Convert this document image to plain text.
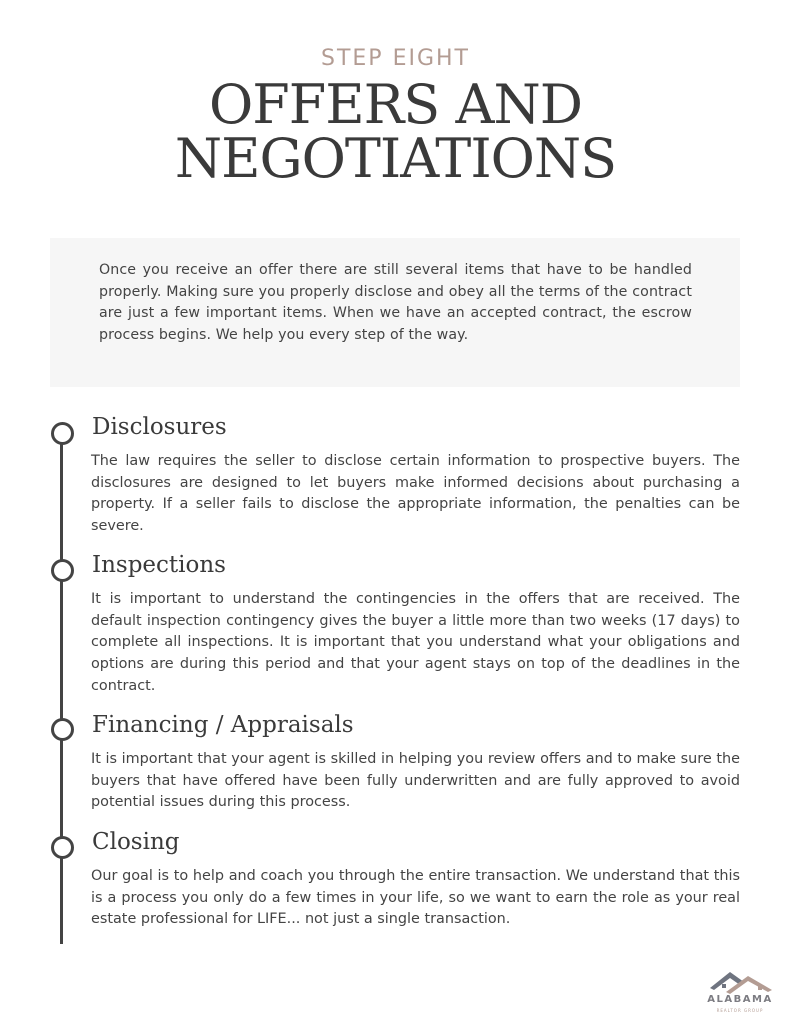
STEP EIGHT
OFFERS AND
NEGOTIATIONS

Once you receive an offer there are still several items that have to be handled properly. Making sure you properly disclose and obey all the terms of the contract are just a few important items. When we have an accepted contract, the escrow process begins. We help you every step of the way.

Disclosures

The law requires the seller to disclose certain information to prospective buyers. The disclosures are designed to let buyers make informed decisions about purchasing a property. If a seller fails to disclose the appropriate information, the penalties can be severe.

Inspections

It is important to understand the contingencies in the offers that are received. The default inspection contingency gives the buyer a little more than two weeks (17 days) to complete all inspections. It is important that you understand what your obligations and options are during this period and that your agent stays on top of the deadlines in the contract.

Financing / Appraisals

It is important that your agent is skilled in helping you review offers and to make sure the buyers that have offered have been fully underwritten and are fully approved to avoid potential issues during this process.

Closing

Our goal is to help and coach you through the entire transaction. We understand that this is a process you only do a few times in your life, so we want to earn the role as your real estate professional for LIFE... not just a single transaction.

ALABAMA
REALTOR GROUP
